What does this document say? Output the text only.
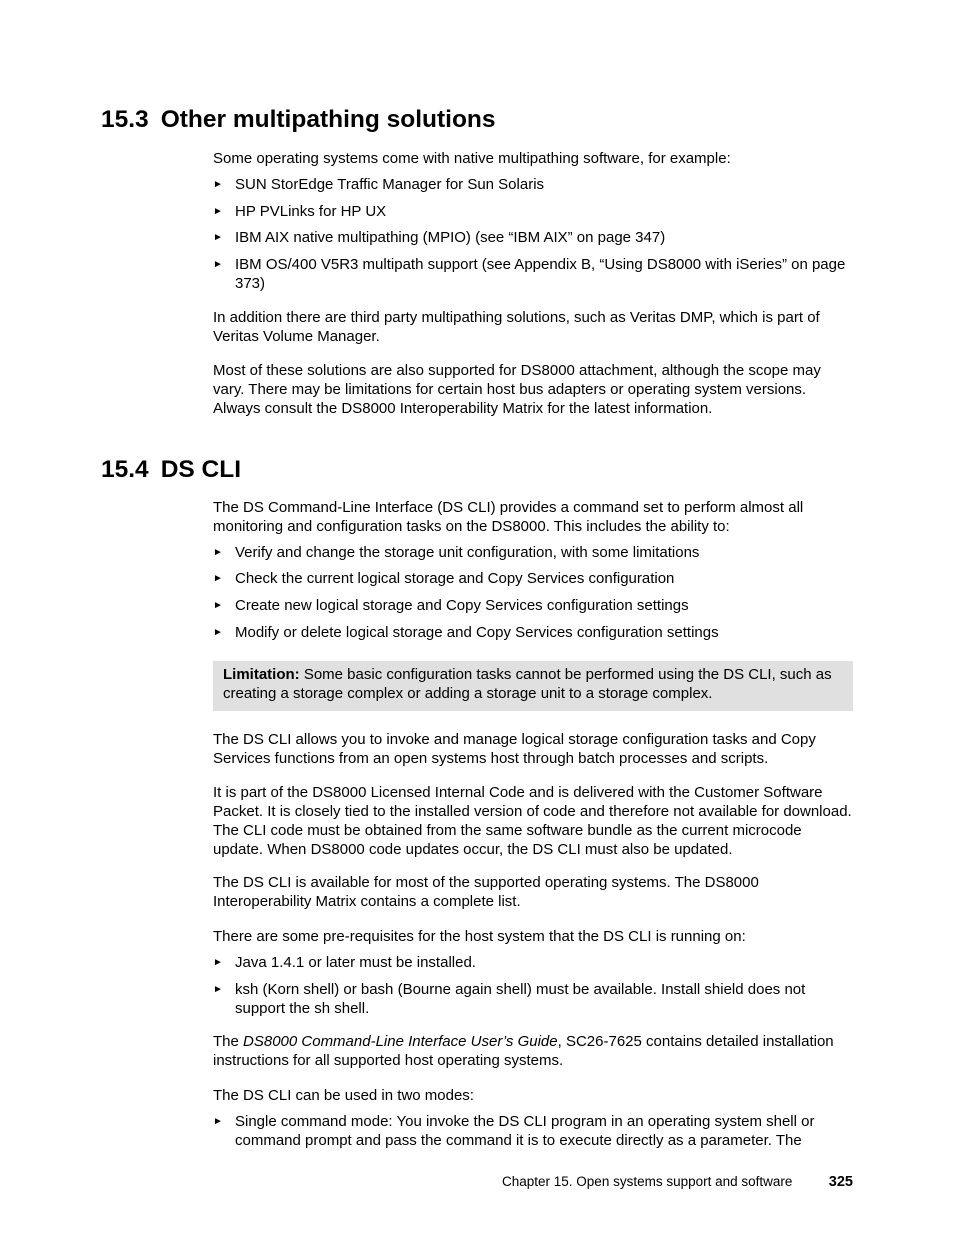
15.3 Other multipathing solutions

Some operating systems come with native multipathing software, for example:

► SUN StorEdge Traffic Manager for Sun Solaris
► HP PVLinks for HP UX
► IBM AIX native multipathing (MPIO) (see “IBM AIX” on page 347)
► IBM OS/400 V5R3 multipath support (see Appendix B, “Using DS8000 with iSeries” on page 373)

In addition there are third party multipathing solutions, such as Veritas DMP, which is part of Veritas Volume Manager.

Most of these solutions are also supported for DS8000 attachment, although the scope may vary. There may be limitations for certain host bus adapters or operating system versions. Always consult the DS8000 Interoperability Matrix for the latest information.

15.4 DS CLI

The DS Command-Line Interface (DS CLI) provides a command set to perform almost all monitoring and configuration tasks on the DS8000. This includes the ability to:

► Verify and change the storage unit configuration, with some limitations
► Check the current logical storage and Copy Services configuration
► Create new logical storage and Copy Services configuration settings
► Modify or delete logical storage and Copy Services configuration settings
Limitation: Some basic configuration tasks cannot be performed using the DS CLI, such as creating a storage complex or adding a storage unit to a storage complex.

The DS CLI allows you to invoke and manage logical storage configuration tasks and Copy Services functions from an open systems host through batch processes and scripts.

It is part of the DS8000 Licensed Internal Code and is delivered with the Customer Software Packet. It is closely tied to the installed version of code and therefore not available for download. The CLI code must be obtained from the same software bundle as the current microcode update. When DS8000 code updates occur, the DS CLI must also be updated.

The DS CLI is available for most of the supported operating systems. The DS8000 Interoperability Matrix contains a complete list.

There are some pre-requisites for the host system that the DS CLI is running on:

► Java 1.4.1 or later must be installed.
► ksh (Korn shell) or bash (Bourne again shell) must be available. Install shield does not support the sh shell.

The DS8000 Command-Line Interface User’s Guide, SC26-7625 contains detailed installation instructions for all supported host operating systems.

The DS CLI can be used in two modes:

► Single command mode: You invoke the DS CLI program in an operating system shell or command prompt and pass the command it is to execute directly as a parameter. The
Chapter 15. Open systems support and software	325
